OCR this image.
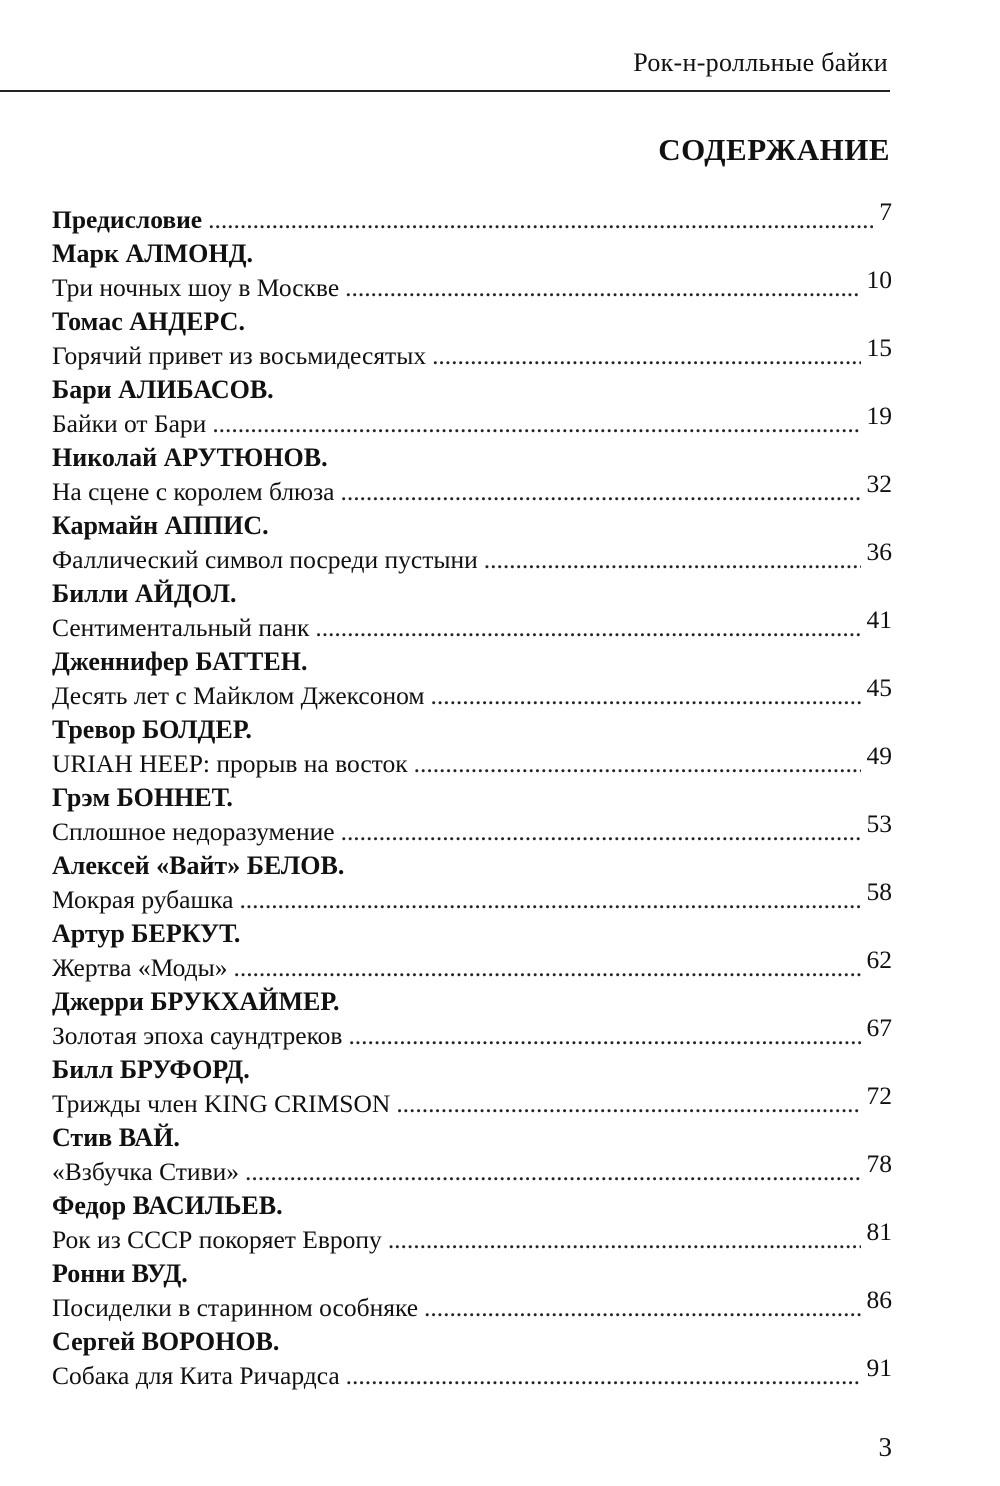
Рок-н-ролльные байки
СОДЕРЖАНИЕ
Предисловие . . .	7
Марк АЛМОНД.
Три ночных шоу в Москве . . .	10
Томас АНДЕРС.
Горячий привет из восьмидесятых . . .	15
Бари АЛИБАСОВ.
Байки от Бари . . .	19
Николай АРУТЮНОВ.
На сцене с королем блюза . . .	32
Кармайн АППИС.
Фаллический символ посреди пустыни . . .	36
Билли АЙДОЛ.
Сентиментальный панк . . .	41
Дженнифер БАТТЕН.
Десять лет с Майклом Джексоном . . .	45
Тревор БОЛДЕР.
URIAH HEEP: прорыв на восток . . .	49
Грэм БОННЕТ.
Сплошное недоразумение . . .	53
Алексей «Вайт» БЕЛОВ.
Мокрая рубашка . . .	58
Артур БЕРКУТ.
Жертва «Моды» . . .	62
Джерри БРУКХАЙМЕР.
Золотая эпоха саундтреков . . .	67
Билл БРУФОРД.
Трижды член KING CRIMSON . . .	72
Стив ВАЙ.
«Взбучка Стиви» . . .	78
Федор ВАСИЛЬЕВ.
Рок из СССР покоряет Европу . . .	81
Ронни ВУД.
Посиделки в старинном особняке . . .	86
Сергей ВОРОНОВ.
Собака для Кита Ричардса . . .	91
3
